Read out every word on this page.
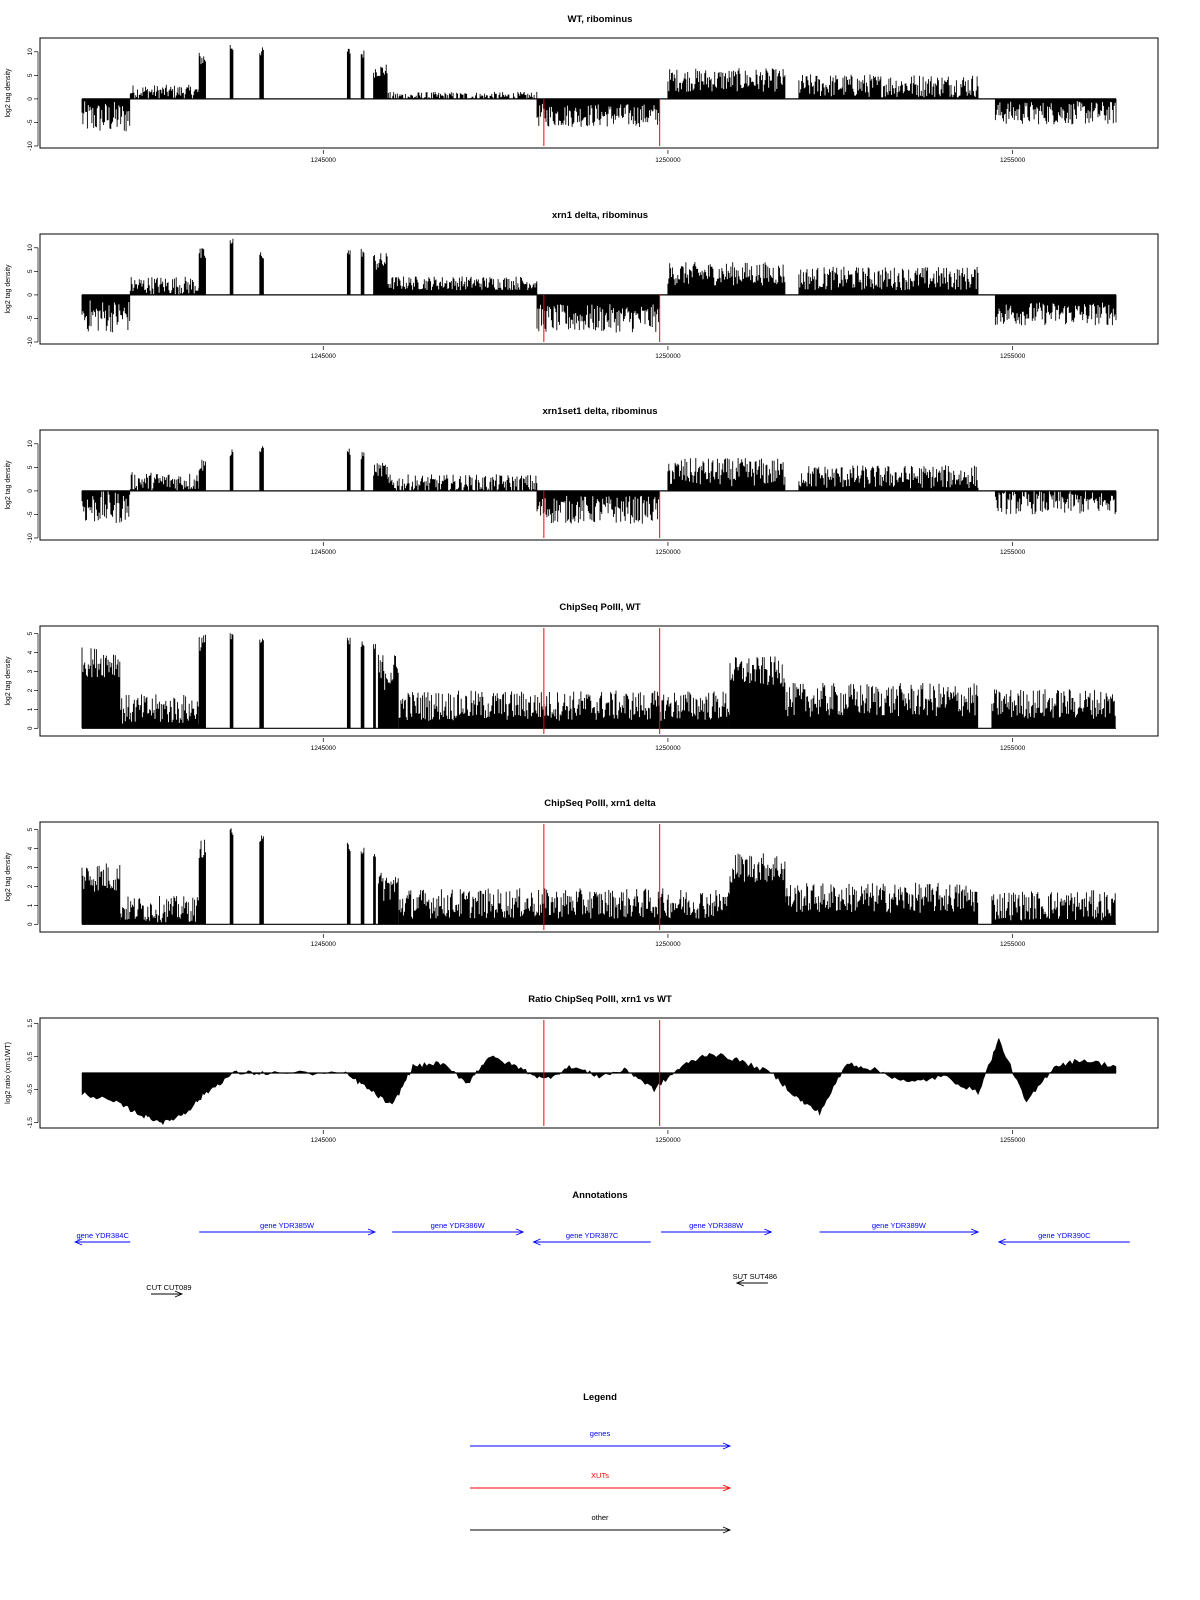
WT, ribominus
-10
-5
0
5
10
log2 tag density
1245000	1250000	1255000
xrn1 delta, ribominus
-10
-5
0
5
10
log2 tag density
1245000	1250000	1255000
xrn1set1 delta, ribominus
-10
-5
0
5
10
log2 tag density
1245000	1250000	1255000
ChipSeq PolII, WT
0
1
2
3
4
5
log2 tag density
1245000	1250000	1255000
ChipSeq PolII, xrn1 delta
0
1
2
3
4
5
log2 tag density
1245000	1250000	1255000
Ratio ChipSeq PolII, xrn1 vs WT
-1.5
-0.5
0.5
1.5
log2 ratio (xrn1/WT)
1245000	1250000	1255000
Annotations
gene YDR384C
gene YDR385W	gene YDR386W
gene YDR387C
gene YDR388W	gene YDR389W
gene YDR390C
CUT CUT089
SUT SUT486
Legend
genes
XUTs
other
